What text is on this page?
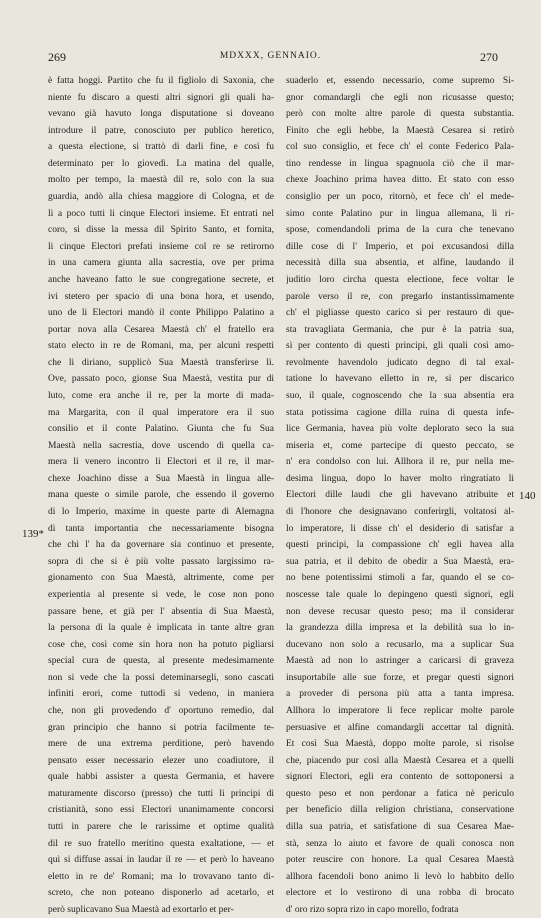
269	MDXXX, GENNAIO.	270
è fatta hoggi. Partito che fu il figliolo di Saxonia, che
niente fu discaro a questi altri signori gli quali ha-
vevano già havuto longa disputatione si doveano
introdure il patre, conosciuto per publico heretico,
a questa electione, si trattò di darli fine, e così fu
determinato per lo giovedì. La matina del qualle,
molto per tempo, la maestà dil re, solo con la sua
guardia, andò alla chiesa maggiore di Cologna, et de
lì a poco tutti li cinque Electori insieme. Et entrati nel
coro, si disse la messa dil Spirito Santo, et fornita,
li cinque Electori prefati insieme col re se retirorno
in una camera giunta alla sacrestia, ove per prima
anche haveano fatto le sue congregatione secrete, et
ivi stetero per spacio di una bona hora, et usendo,
uno de li Electori mandò il conte Philippo Palatino a
portar nova alla Cesarea Maestà ch' el fratello era
stato electo in re de Romani, ma, per alcuni respetti
che li diriano, supplicò Sua Maestà transferirse lì.
Ove, passato poco, gionse Sua Maestà, vestita pur di
luto, come era anche il re, per la morte di mada-
ma Margarita, con il qual imperatore era il suo
consilio et il conte Palatino. Giunta che fu Sua
Maestà nella sacrestia, dove uscendo di quella ca-
mera li venero incontro li Electori et il re, il mar-
chexe Joachino disse a Sua Maestà in lingua alle-
mana queste o simile parole, che essendo il governo
di lo Imperio, maxime in queste parte di Alemagna
di tanta importantia che necessariamente bisogna
che chi l' ha da governare sia continuo et presente,
sopra di che si è più volte passato largissimo ra-
gionamento con Sua Maestà, altrimente, come per
experientia al presente si vede, le cose non pono
passare bene, et già per l' absentia di Sua Maestà,
la persona di la quale è implicata in tante altre gran
cose che, così come sin hora non ha potuto pigliarsi
special cura de questa, al presente medesimamente
non si vede che la possi deteminarsegli, sono cascati
infiniti erori, come tuttodì si vedeno, in maniera
che, non gli provedendo d' oportuno remedio, dal
gran principio che hanno si potria facilmente te-
mere de una extrema perditione, però havendo
pensato esser necessario elezer uno coadiutore, il
quale habbi assister a questa Germania, et havere
maturamente discorso (presso) che tutti li principi di
cristianità, sono essi Electori unanimamente concorsi
tutti in parere che le rarissime et optime qualità
dil re suo fratello meritino questa exaltatione, — et
quì si diffuse assai in laudar il re — et però lo haveano
eletto in re de' Romani; ma lo trovavano tanto di-
screto, che non poteano disponerlo ad acetarlo, et
però suplicavano Sua Maestà ad exortarlo et per-
suaderlo et, essendo necessario, come supremo Si-
gnor comandargli che egli non ricusasse questo;
però con molte altre parole di questa substantia.
Finito che egli hebbe, la Maestà Cesarea si retirò
col suo consiglio, et fece ch' el conte Federico Pala-
tino rendesse in lingua spagnuola ciò che il mar-
chexe Joachino prima havea ditto. Et stato con esso
consiglio per un poco, ritornò, et fece ch' el mede-
simo conte Palatino pur in lingua allemana, li ri-
spose, comendandoli prima de la cura che tenevano
dille cose di l' Imperio, et poi excusandosi dilla
necessità dilla sua absentia, et alfine, laudando il
juditio loro circha questa electione, fece voltar le
parole verso il re, con pregarlo instantissimamente
ch' el pigliasse questo carico sì per restauro di que-
sta travagliata Germania, che pur è la patria sua,
sì per contento di questi principi, gli quali così amo-
revolmente havendolo judicato degno di tal exal-
tatione lo havevano elletto in re, sì per discarico
suo, il quale, cognoscendo che la sua absentia era
stata potissima cagione dilla ruina di questa infe-
lice Germania, havea più volte deplorato seco la sua
miseria et, come partecipe di questo peccato, se
n' era condolso con lui. Allhora il re, pur nella me-
desima lingua, dopo lo haver molto ringratiato li
Electori dille laudi che gli havevano atribuite et
di l'honore che designavano conferirgli, voltatosi al-
lo imperatore, li disse ch' el desiderio di satisfar a
questi principi, la compassione ch' egli havea alla
sua patria, et il debito de obedir a Sua Maestà, era-
no bene potentissimi stimoli a far, quando el se co-
noscesse tale quale lo depingeno questi signori, egli
non devese recusar questo peso; ma il considerar
la grandezza dilla impresa et la debilità sua lo in-
ducevano non solo a recusarlo, ma a suplicar Sua
Maestà ad non lo astringer a caricarsi di graveza
insuportabile alle sue forze, et pregar questi signori
a proveder di persona più atta a tanta impresa.
Allhora lo imperatore li fece replicar molte parole
persuasive et alfine comandargli accettar tal dignità.
Et così Sua Maestà, doppo molte parole, si risolse
che, piacendo pur così alla Maestà Cesarea et a quelli
signori Electori, egli era contento de sottoponersi a
questo peso et non perdonar a fatica nè periculo
per beneficio dilla religion christiana, conservatione
dilla sua patria, et satisfatione di sua Cesarea Mae-
stà, senza lo aiuto et favore de quali conosca non
poter reuscire con honore. La qual Cesarea Maestà
allhora facendoli bono animo li levò lo habbito dello
electore et lo vestirono di una robba di brocato
d' oro rizo sopra rizo in capo morello, fodrata
139*
140
